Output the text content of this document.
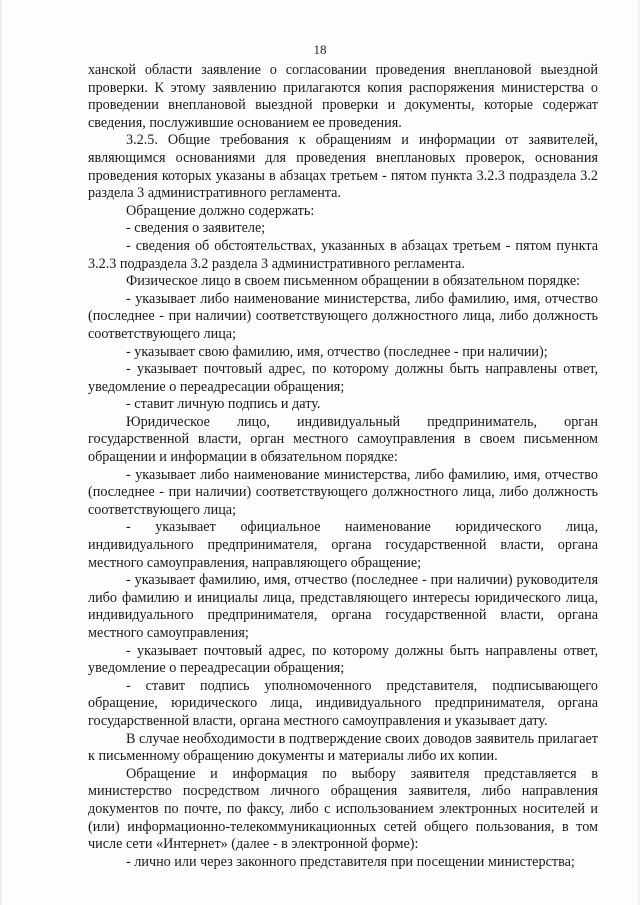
18

ханской области заявление о согласовании проведения внеплановой выездной проверки. К этому заявлению прилагаются копия распоряжения министерства о проведении внеплановой выездной проверки и документы, которые содержат сведения, послужившие основанием ее проведения.

3.2.5. Общие требования к обращениям и информации от заявителей, являющимся основаниями для проведения внеплановых проверок, основания проведения которых указаны в абзацах третьем - пятом пункта 3.2.3 подраздела 3.2 раздела 3 административного регламента.

Обращение должно содержать:

- сведения о заявителе;

- сведения об обстоятельствах, указанных в абзацах третьем - пятом пункта 3.2.3 подраздела 3.2 раздела 3 административного регламента.

Физическое лицо в своем письменном обращении в обязательном порядке:

- указывает либо наименование министерства, либо фамилию, имя, отчество (последнее - при наличии) соответствующего должностного лица, либо должность соответствующего лица;

- указывает свою фамилию, имя, отчество (последнее - при наличии);

- указывает почтовый адрес, по которому должны быть направлены ответ, уведомление о переадресации обращения;

- ставит личную подпись и дату.

Юридическое лицо, индивидуальный предприниматель, орган государственной власти, орган местного самоуправления в своем письменном обращении и информации в обязательном порядке:

- указывает либо наименование министерства, либо фамилию, имя, отчество (последнее - при наличии) соответствующего должностного лица, либо должность соответствующего лица;

- указывает официальное наименование юридического лица, индивидуального предпринимателя, органа государственной власти, органа местного самоуправления, направляющего обращение;

- указывает фамилию, имя, отчество (последнее - при наличии) руководителя либо фамилию и инициалы лица, представляющего интересы юридического лица, индивидуального предпринимателя, органа государственной власти, органа местного самоуправления;

- указывает почтовый адрес, по которому должны быть направлены ответ, уведомление о переадресации обращения;

- ставит подпись уполномоченного представителя, подписывающего обращение, юридического лица, индивидуального предпринимателя, органа государственной власти, органа местного самоуправления и указывает дату.

В случае необходимости в подтверждение своих доводов заявитель прилагает к письменному обращению документы и материалы либо их копии.

Обращение и информация по выбору заявителя представляется в министерство посредством личного обращения заявителя, либо направления документов по почте, по факсу, либо с использованием электронных носителей и (или) информационно-телекоммуникационных сетей общего пользования, в том числе сети «Интернет» (далее - в электронной форме):

- лично или через законного представителя при посещении министерства;
